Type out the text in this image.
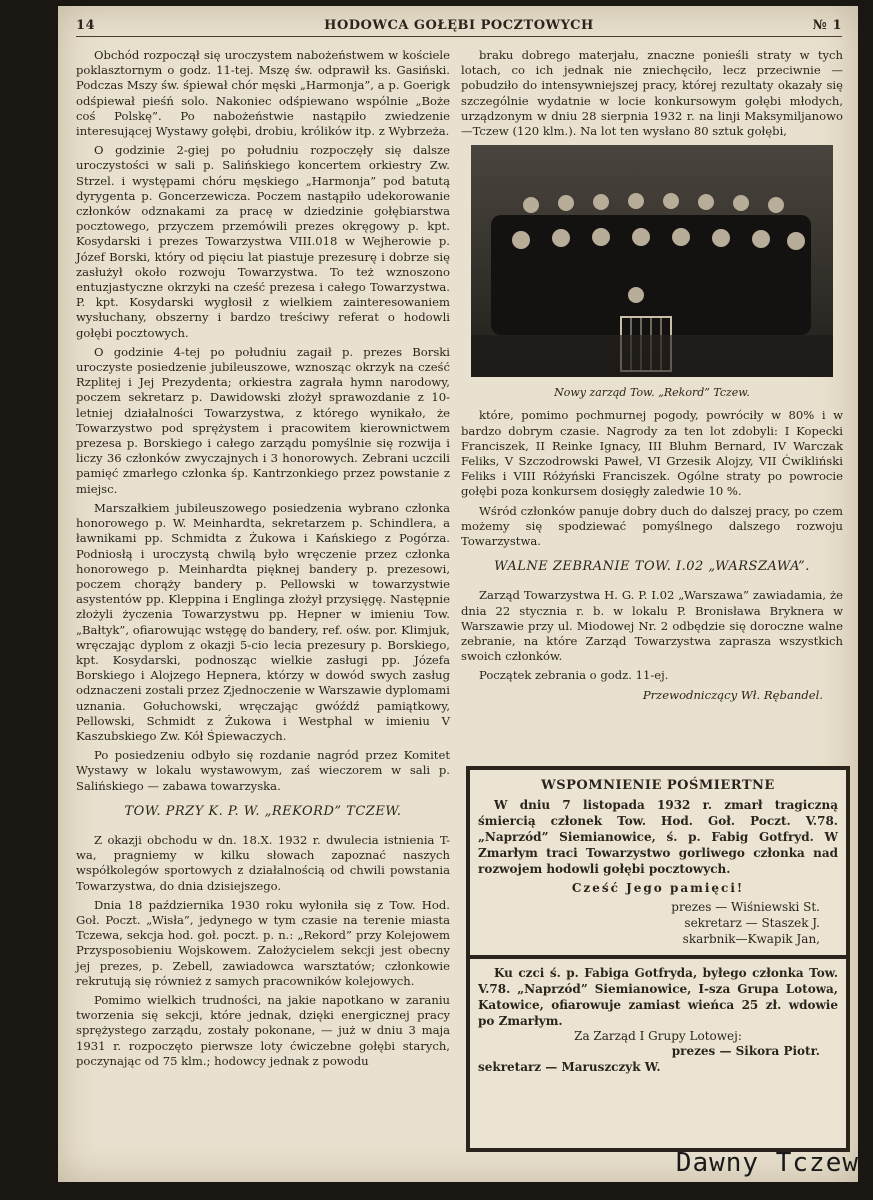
14	HODOWCA GOŁĘBI POCZTOWYCH	№ 1

Obchód rozpoczął się uroczystem nabożeństwem w kościele poklasztornym o godz. 11-tej. Mszę św. odprawił ks. Gasiński. Podczas Mszy św. śpiewał chór męski „Harmonja”, a p. Goerigk odśpiewał pieśń solo. Nakoniec odśpiewano wspólnie „Boże coś Polskę”. Po nabożeństwie nastąpiło zwiedzenie interesującej Wystawy gołębi, drobiu, królików itp. z Wybrzeża.

O godzinie 2-giej po południu rozpoczęły się dalsze uroczystości w sali p. Salińskiego koncertem orkiestry Zw. Strzel. i występami chóru męskiego „Harmonja” pod batutą dyrygenta p. Goncerzewicza. Poczem nastąpiło udekorowanie członków odznakami za pracę w dziedzinie gołębiarstwa pocztowego, przyczem przemówili prezes okręgowy p. kpt. Kosydarski i prezes Towarzystwa VIII.018 w Wejherowie p. Józef Borski, który od pięciu lat piastuje prezesurę i dobrze się zasłużył około rozwoju Towarzystwa. To też wznoszono entuzjastyczne okrzyki na cześć prezesa i całego Towarzystwa. P. kpt. Kosydarski wygłosił z wielkiem zainteresowaniem wysłuchany, obszerny i bardzo treściwy referat o hodowli gołębi pocztowych.

O godzinie 4-tej po południu zagaił p. prezes Borski uroczyste posiedzenie jubileuszowe, wznosząc okrzyk na cześć Rzplitej i Jej Prezydenta; orkiestra zagrała hymn narodowy, poczem sekretarz p. Dawidowski złożył sprawozdanie z 10-letniej działalności Towarzystwa, z którego wynikało, że Towarzystwo pod sprężystem i pracowitem kierownictwem prezesa p. Borskiego i całego zarządu pomyślnie się rozwija i liczy 36 członków zwyczajnych i 3 honorowych. Zebrani uczcili pamięć zmarłego członka śp. Kantrzonkiego przez powstanie z miejsc.

Marszałkiem jubileuszowego posiedzenia wybrano członka honorowego p. W. Meinhardta, sekretarzem p. Schindlera, a ławnikami pp. Schmidta z Żukowa i Kańskiego z Pogórza. Podniosłą i uroczystą chwilą było wręczenie przez członka honorowego p. Meinhardta pięknej bandery p. prezesowi, poczem chorąży bandery p. Pellowski w towarzystwie asystentów pp. Kleppina i Englinga złożył przysięgę. Następnie złożyli życzenia Towarzystwu pp. Hepner w imieniu Tow. „Bałtyk”, ofiarowując wstęgę do bandery, ref. ośw. por. Klimjuk, wręczając dyplom z okazji 5-cio lecia prezesury p. Borskiego, kpt. Kosydarski, podnosząc wielkie zasługi pp. Józefa Borskiego i Alojzego Hepnera, którzy w dowód swych zasług odznaczeni zostali przez Zjednoczenie w Warszawie dyplomami uznania. Gołuchowski, wręczając gwóźdź pamiątkowy, Pellowski, Schmidt z Żukowa i Westphal w imieniu V Kaszubskiego Zw. Kół Śpiewaczych.

Po posiedzeniu odbyło się rozdanie nagród przez Komitet Wystawy w lokalu wystawowym, zaś wieczorem w sali p. Salińskiego — zabawa towarzyska.

TOW. PRZY K. P. W. „REKORD” TCZEW.

Z okazji obchodu w dn. 18.X. 1932 r. dwulecia istnienia T-wa, pragniemy w kilku słowach zapoznać naszych współkolegów sportowych z działalnością od chwili powstania Towarzystwa, do dnia dzisiejszego.

Dnia 18 października 1930 roku wyłoniła się z Tow. Hod. Goł. Poczt. „Wisła”, jedynego w tym czasie na terenie miasta Tczewa, sekcja hod. goł. poczt. p. n.: „Rekord” przy Kolejowem Przysposobieniu Wojskowem. Założycielem sekcji jest obecny jej prezes, p. Zebell, zawiadowca warsztatów; członkowie rekrutują się również z samych pracowników kolejowych.

Pomimo wielkich trudności, na jakie napotkano w zaraniu tworzenia się sekcji, które jednak, dzięki energicznej pracy sprężystego zarządu, zostały pokonane, — już w dniu 3 maja 1931 r. rozpoczęto pierwsze loty ćwiczebne gołębi starych, poczynając od 75 klm.; hodowcy jednak z powodu

braku dobrego materjału, znaczne ponieśli straty w tych lotach, co ich jednak nie zniechęciło, lecz przeciwnie — pobudziło do intensywniejszej pracy, której rezultaty okazały się szczególnie wydatnie w locie konkursowym gołębi młodych, urządzonym w dniu 28 sierpnia 1932 r. na linji Maksymiljanowo—Tczew (120 klm.). Na lot ten wysłano 80 sztuk gołębi,

Nowy zarząd Tow. „Rekord” Tczew.

które, pomimo pochmurnej pogody, powróciły w 80% i w bardzo dobrym czasie. Nagrody za ten lot zdobyli: I Kopecki Franciszek, II Reinke Ignacy, III Bluhm Bernard, IV Warczak Feliks, V Szczodrowski Paweł, VI Grzesik Alojzy, VII Ćwikliński Feliks i VIII Różyński Franciszek. Ogólne straty po powrocie gołębi poza konkursem dosięgły zaledwie 10 %.

Wśród członków panuje dobry duch do dalszej pracy, po czem możemy się spodziewać pomyślnego dalszego rozwoju Towarzystwa.

WALNE ZEBRANIE TOW. I.02 „WARSZAWA”.

Zarząd Towarzystwa H. G. P. I.02 „Warszawa” zawiadamia, że dnia 22 stycznia r. b. w lokalu P. Bronisława Bryknera w Warszawie przy ul. Miodowej Nr. 2 odbędzie się doroczne walne zebranie, na które Zarząd Towarzystwa zaprasza wszystkich swoich członków.

Początek zebrania o godz. 11-ej.

Przewodniczący Wł. Rębandel.
WSPOMNIENIE POŚMIERTNE

W dniu 7 listopada 1932 r. zmarł tragiczną śmiercią członek Tow. Hod. Goł. Poczt. V.78. „Naprzód” Siemianowice, ś. p. Fabig Gotfryd. W Zmarłym traci Towarzystwo gorliwego członka nad rozwojem hodowli gołębi pocztowych.

Cześć Jego pamięci!
prezes — Wiśniewski St.
sekretarz — Staszek J.
skarbnik—Kwapik Jan,

Ku czci ś. p. Fabiga Gotfryda, byłego członka Tow. V.78. „Naprzód” Siemianowice, I-sza Grupa Lotowa, Katowice, ofiarowuje zamiast wieńca 25 zł. wdowie po Zmarłym.

Za Zarząd I Grupy Lotowej:
prezes — Sikora Piotr.
sekretarz — Maruszczyk W.
Dawny Tczew
